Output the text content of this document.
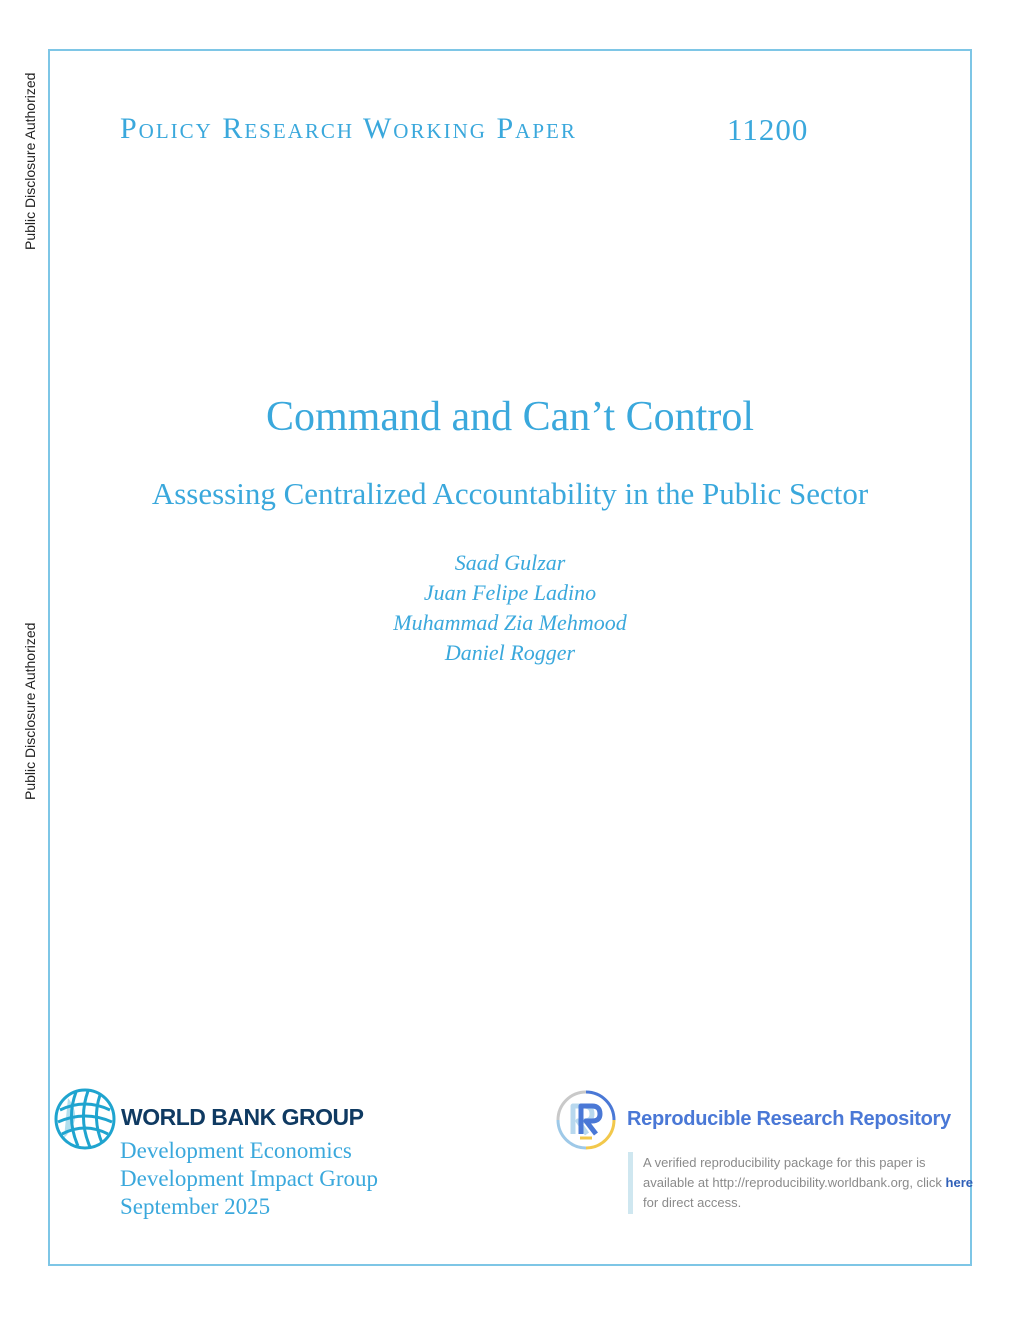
Public Disclosure Authorized
Public Disclosure Authorized
Policy Research Working Paper	11200
Command and Can’t Control
Assessing Centralized Accountability in the Public Sector
Saad Gulzar
Juan Felipe Ladino
Muhammad Zia Mehmood
Daniel Rogger
WORLD BANK GROUP
Development Economics
Development Impact Group
September 2025
Reproducible Research Repository
A verified reproducibility package for this paper is available at http://reproducibility.worldbank.org, click here for direct access.
